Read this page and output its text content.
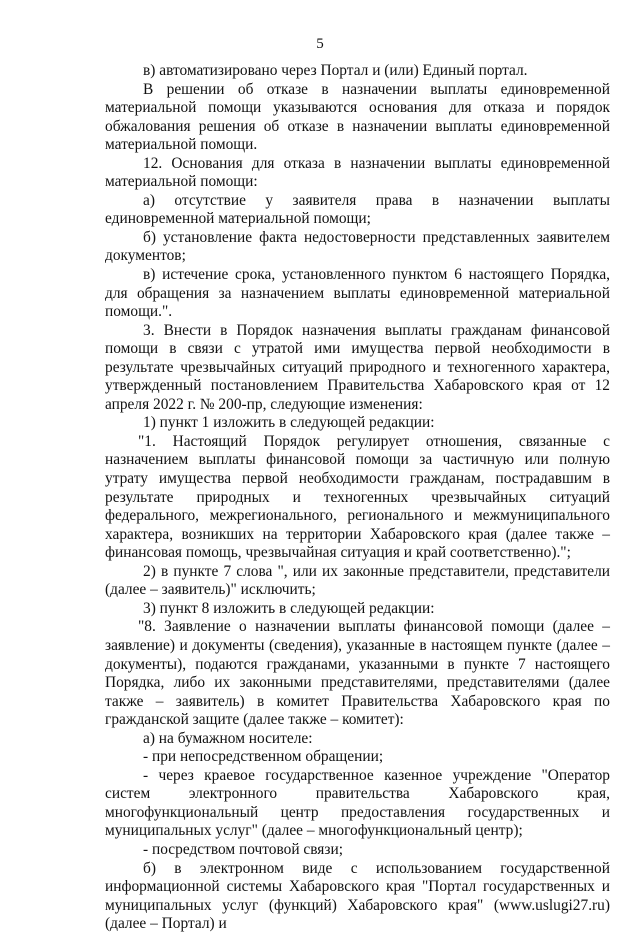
5

в) автоматизировано через Портал и (или) Единый портал.

В решении об отказе в назначении выплаты единовременной материальной помощи указываются основания для отказа и порядок обжалования решения об отказе в назначении выплаты единовременной материальной помощи.

12. Основания для отказа в назначении выплаты единовременной материальной помощи:

а) отсутствие у заявителя права в назначении выплаты единовременной материальной помощи;

б) установление факта недостоверности представленных заявителем документов;

в) истечение срока, установленного пунктом 6 настоящего Порядка, для обращения за назначением выплаты единовременной материальной помощи.".

3. Внести в Порядок назначения выплаты гражданам финансовой помощи в связи с утратой ими имущества первой необходимости в результате чрезвычайных ситуаций природного и техногенного характера, утвержденный постановлением Правительства Хабаровского края от 12 апреля 2022 г. № 200-пр, следующие изменения:

1) пункт 1 изложить в следующей редакции:

"1. Настоящий Порядок регулирует отношения, связанные с назначением выплаты финансовой помощи за частичную или полную утрату имущества первой необходимости гражданам, пострадавшим в результате природных и техногенных чрезвычайных ситуаций федерального, межрегионального, регионального и межмуниципального характера, возникших на территории Хабаровского края (далее также – финансовая помощь, чрезвычайная ситуация и край соответственно).";

2) в пункте 7 слова ", или их законные представители, представители (далее – заявитель)" исключить;

3) пункт 8 изложить в следующей редакции:

"8. Заявление о назначении выплаты финансовой помощи (далее – заявление) и документы (сведения), указанные в настоящем пункте (далее – документы), подаются гражданами, указанными в пункте 7 настоящего Порядка, либо их законными представителями, представителями (далее также – заявитель) в комитет Правительства Хабаровского края по гражданской защите (далее также – комитет):

а) на бумажном носителе:

- при непосредственном обращении;

- через краевое государственное казенное учреждение "Оператор систем электронного правительства Хабаровского края, многофункциональный центр предоставления государственных и муниципальных услуг" (далее – многофункциональный центр);

- посредством почтовой связи;

б) в электронном виде с использованием государственной информационной системы Хабаровского края "Портал государственных и муниципальных услуг (функций) Хабаровского края" (www.uslugi27.ru) (далее – Портал) и
